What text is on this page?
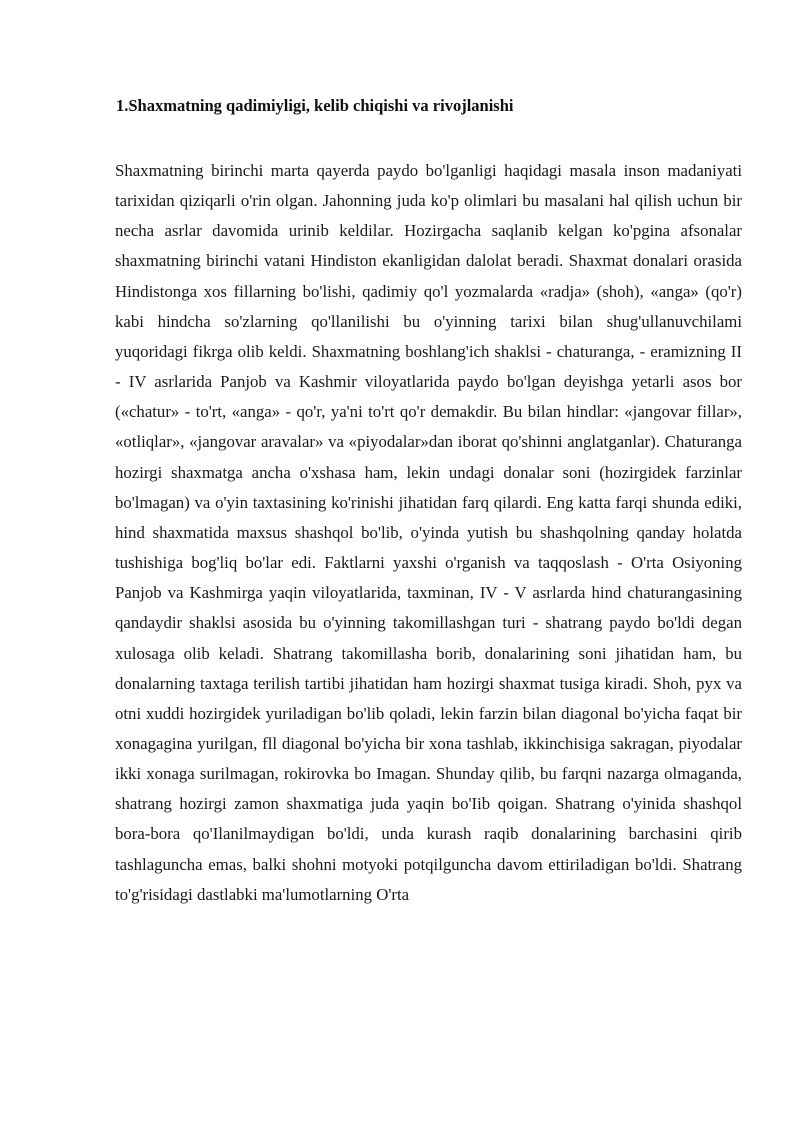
1.Shaxmatning qadimiyligi, kelib chiqishi va rivojlanishi

Shaxmatning birinchi marta qayerda paydo bo'lganligi haqidagi masala inson madaniyati tarixidan qiziqarli o'rin olgan. Jahonning juda ko'p olimlari bu masalani hal qilish uchun bir necha asrlar davomida urinib keldilar. Hozirgacha saqlanib kelgan ko'pgina afsonalar shaxmatning birinchi vatani Hindiston ekanligidan dalolat beradi. Shaxmat donalari orasida Hindistonga xos fillarning bo'lishi, qadimiy qo'l yozmalarda «radja» (shoh), «anga» (qo'r) kabi hindcha so'zlarning qo'llanilishi bu o'yinning tarixi bilan shug'ullanuvchilami yuqoridagi fikrga olib keldi. Shaxmatning boshlang'ich shaklsi - chaturanga, - eramizning II - IV asrlarida Panjob va Kashmir viloyatlarida paydo bo'lgan deyishga yetarli asos bor («chatur» - to'rt, «anga» - qo'r, ya'ni to'rt qo'r demakdir. Bu bilan hindlar: «jangovar fillar», «otliqlar», «jangovar aravalar» va «piyodalar»dan iborat qo'shinni anglatganlar). Chaturanga hozirgi shaxmatga ancha o'xshasa ham, lekin undagi donalar soni (hozirgidek farzinlar bo'lmagan) va o'yin taxtasining ko'rinishi jihatidan farq qilardi. Eng katta farqi shunda ediki, hind shaxmatida maxsus shashqol bo'lib, o'yinda yutish bu shashqolning qanday holatda tushishiga bog'liq bo'lar edi. Faktlarni yaxshi o'rganish va taqqoslash - O'rta Osiyoning Panjob va Kashmirga yaqin viloyatlarida, taxminan, IV - V asrlarda hind chaturangasining qandaydir shaklsi asosida bu o'yinning takomillashgan turi - shatrang paydo bo'ldi degan xulosaga olib keladi. Shatrang takomillasha borib, donalarining soni jihatidan ham, bu donalarning taxtaga terilish tartibi jihatidan ham hozirgi shaxmat tusiga kiradi. Shoh, pyx va otni xuddi hozirgidek yuriladigan bo'lib qoladi, lekin farzin bilan diagonal bo'yicha faqat bir xonagagina yurilgan, fll diagonal bo'yicha bir xona tashlab, ikkinchisiga sakragan, piyodalar ikki xonaga surilmagan, rokirovka bo Imagan. Shunday qilib, bu farqni nazarga olmaganda, shatrang hozirgi zamon shaxmatiga juda yaqin bo'Iib qoigan. Shatrang o'yinida shashqol bora-bora qo'Ilanilmaydigan bo'ldi, unda kurash raqib donalarining barchasini qirib tashlaguncha emas, balki shohni motyoki potqilguncha davom ettiriladigan bo'ldi. Shatrang to'g'risidagi dastlabki ma'lumotlarning O'rta
